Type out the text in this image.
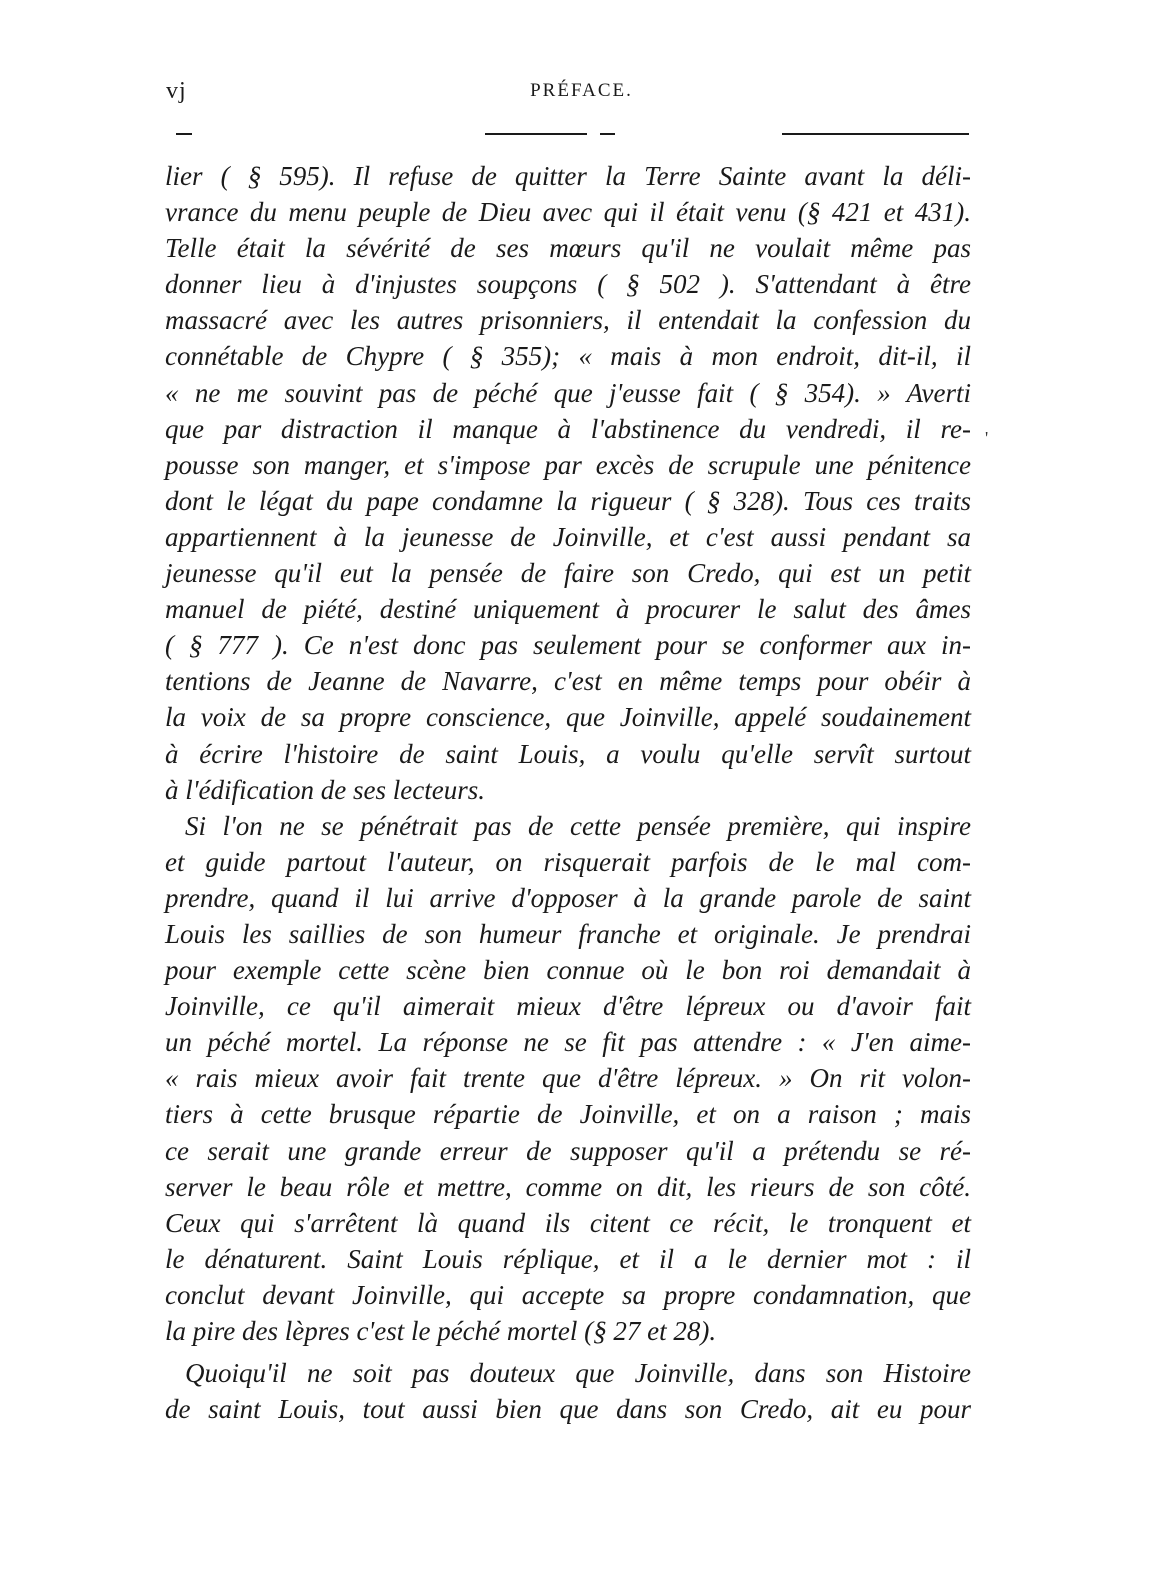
vj	PRÉFACE.
'
lier ( § 595). Il refuse de quitter la Terre Sainte avant la déli-
vrance du menu peuple de Dieu avec qui il était venu (§ 421 et 431).
Telle était la sévérité de ses mœurs qu'il ne voulait même pas
donner lieu à d'injustes soupçons ( § 502 ). S'attendant à être
massacré avec les autres prisonniers, il entendait la confession du
connétable de Chypre ( § 355); « mais à mon endroit, dit-il, il
« ne me souvint pas de péché que j'eusse fait ( § 354). » Averti
que par distraction il manque à l'abstinence du vendredi, il re-
pousse son manger, et s'impose par excès de scrupule une pénitence
dont le légat du pape condamne la rigueur ( § 328). Tous ces traits
appartiennent à la jeunesse de Joinville, et c'est aussi pendant sa
jeunesse qu'il eut la pensée de faire son Credo, qui est un petit
manuel de piété, destiné uniquement à procurer le salut des âmes
( § 777 ). Ce n'est donc pas seulement pour se conformer aux in-
tentions de Jeanne de Navarre, c'est en même temps pour obéir à
la voix de sa propre conscience, que Joinville, appelé soudainement
à écrire l'histoire de saint Louis, a voulu qu'elle servît surtout
à l'édification de ses lecteurs.
Si l'on ne se pénétrait pas de cette pensée première, qui inspire
et guide partout l'auteur, on risquerait parfois de le mal com-
prendre, quand il lui arrive d'opposer à la grande parole de saint
Louis les saillies de son humeur franche et originale. Je prendrai
pour exemple cette scène bien connue où le bon roi demandait à
Joinville, ce qu'il aimerait mieux d'être lépreux ou d'avoir fait
un péché mortel. La réponse ne se fit pas attendre : « J'en aime-
« rais mieux avoir fait trente que d'être lépreux. » On rit volon-
tiers à cette brusque répartie de Joinville, et on a raison ; mais
ce serait une grande erreur de supposer qu'il a prétendu se ré-
server le beau rôle et mettre, comme on dit, les rieurs de son côté.
Ceux qui s'arrêtent là quand ils citent ce récit, le tronquent et
le dénaturent. Saint Louis réplique, et il a le dernier mot : il
conclut devant Joinville, qui accepte sa propre condamnation, que
la pire des lèpres c'est le péché mortel (§ 27 et 28).
Quoiqu'il ne soit pas douteux que Joinville, dans son Histoire
de saint Louis, tout aussi bien que dans son Credo, ait eu pour
